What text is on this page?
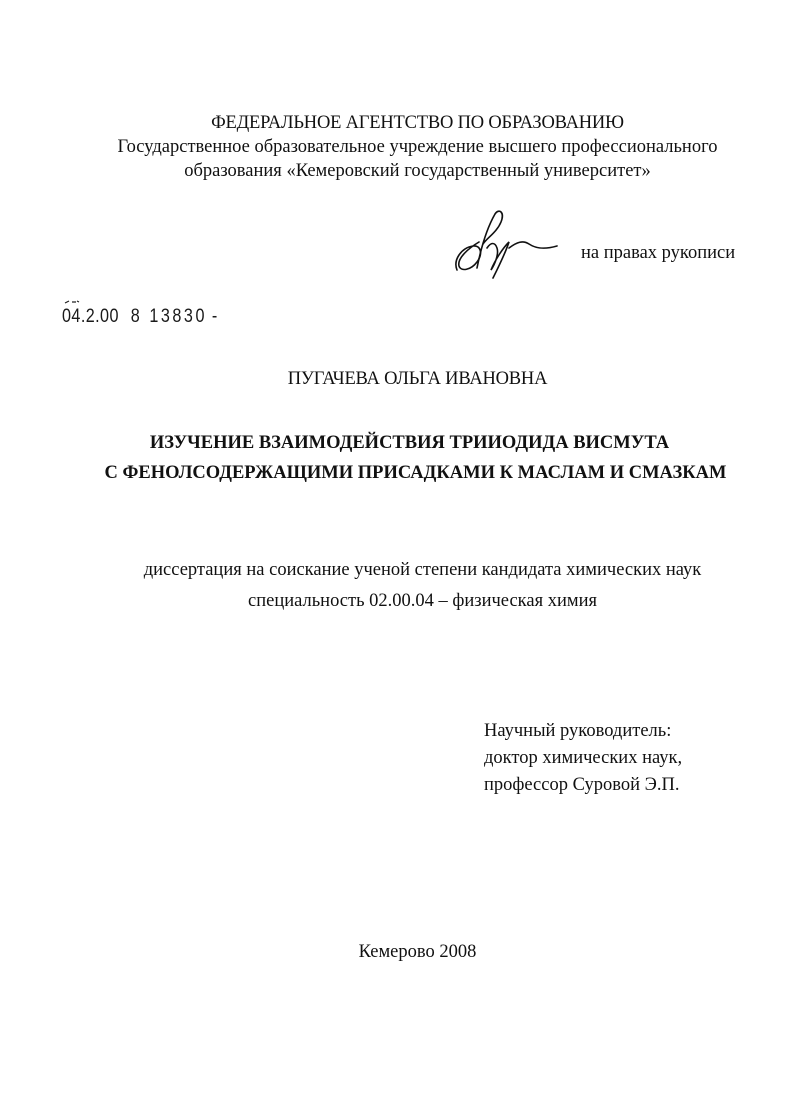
ФЕДЕРАЛЬНОЕ АГЕНТСТВО ПО ОБРАЗОВАНИЮ
Государственное образовательное учреждение высшего профессионального
образования «Кемеровский государственный университет»
на правах рукописи
04.2.00 8 13830 -
ПУГАЧЕВА ОЛЬГА ИВАНОВНА
ИЗУЧЕНИЕ ВЗАИМОДЕЙСТВИЯ ТРИИОДИДА ВИСМУТА
С ФЕНОЛСОДЕРЖАЩИМИ ПРИСАДКАМИ К МАСЛАМ И СМАЗКАМ
диссертация на соискание ученой степени кандидата химических наук
специальность 02.00.04 – физическая химия
Научный руководитель:
доктор химических наук,
профессор Суровой Э.П.
Кемерово 2008
